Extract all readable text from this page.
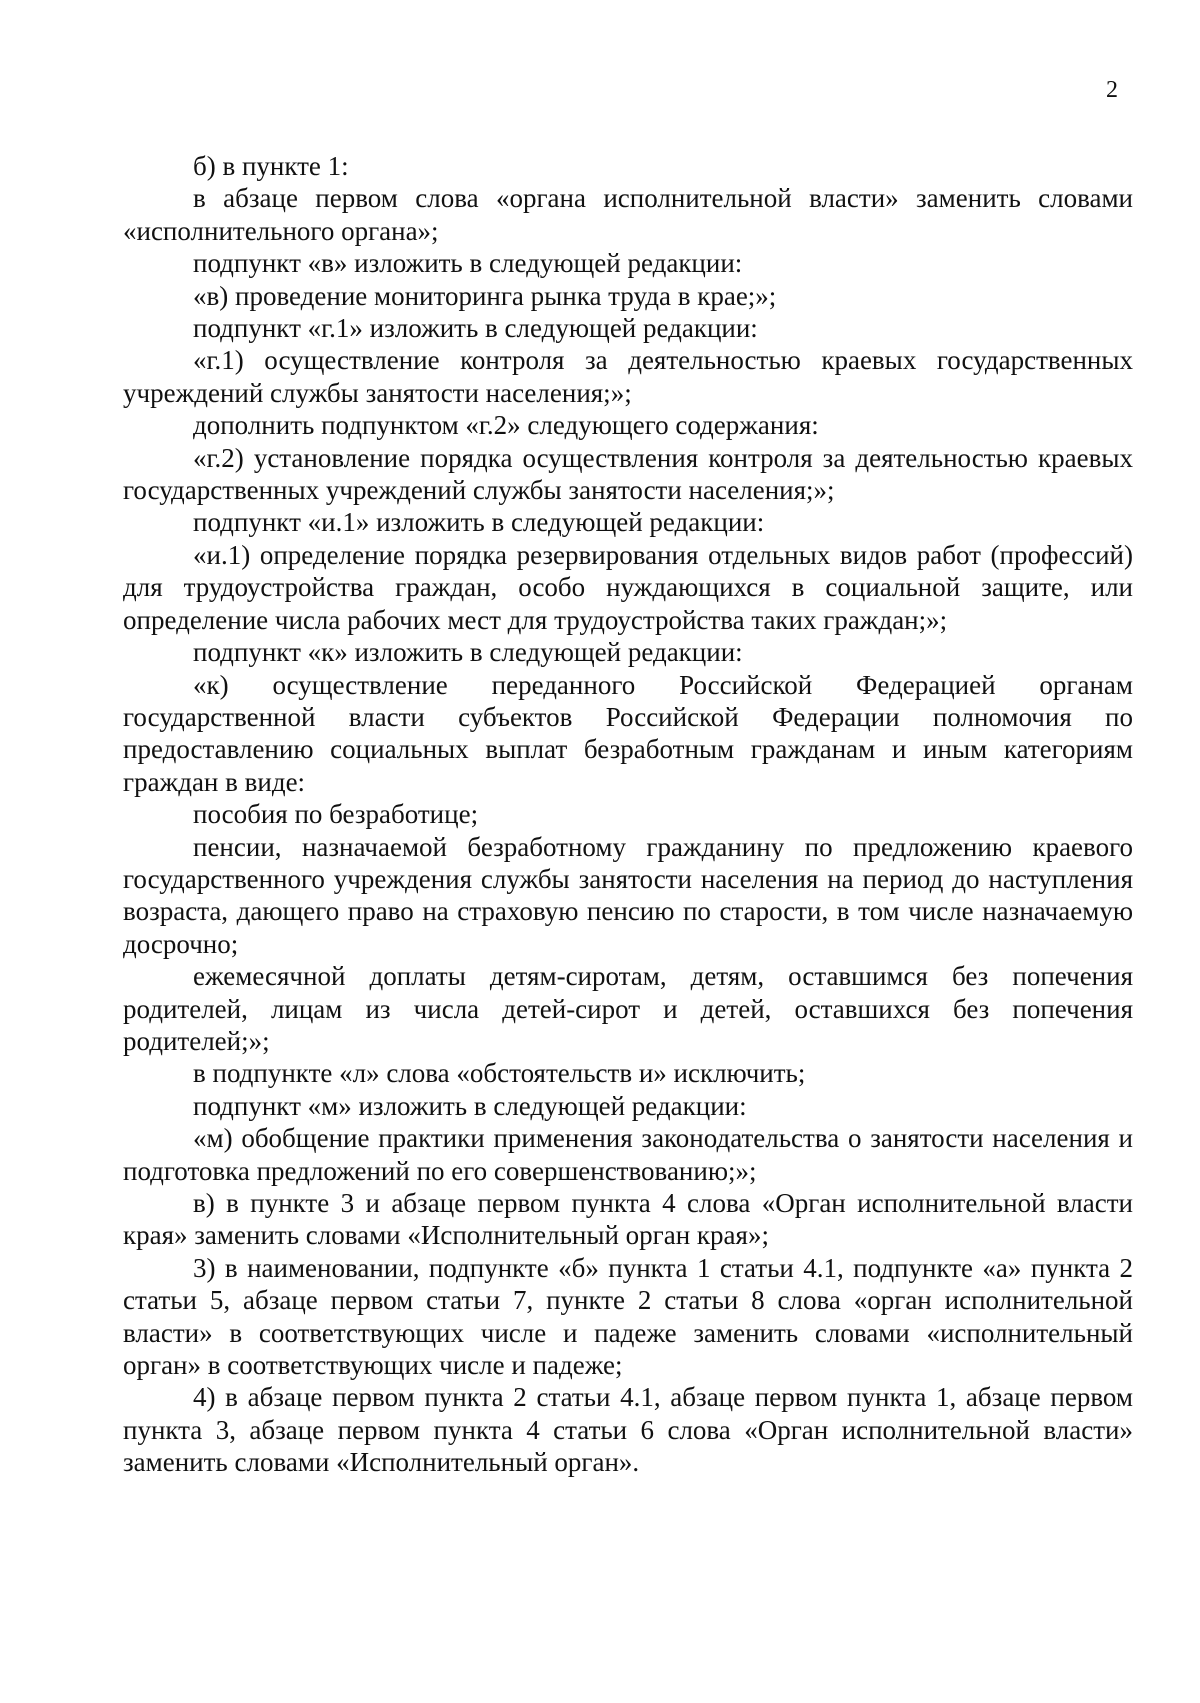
2

б) в пункте 1:

в абзаце первом слова «органа исполнительной власти» заменить словами «исполнительного органа»;

подпункт «в» изложить в следующей редакции:

«в) проведение мониторинга рынка труда в крае;»;

подпункт «г.1» изложить в следующей редакции:

«г.1) осуществление контроля за деятельностью краевых государственных учреждений службы занятости населения;»;

дополнить подпунктом «г.2» следующего содержания:

«г.2) установление порядка осуществления контроля за деятельностью краевых государственных учреждений службы занятости населения;»;

подпункт «и.1» изложить в следующей редакции:

«и.1) определение порядка резервирования отдельных видов работ (профессий) для трудоустройства граждан, особо нуждающихся в социальной защите, или определение числа рабочих мест для трудоустройства таких граждан;»;

подпункт «к» изложить в следующей редакции:

«к) осуществление переданного Российской Федерацией органам государственной власти субъектов Российской Федерации полномочия по предоставлению социальных выплат безработным гражданам и иным категориям граждан в виде:

пособия по безработице;

пенсии, назначаемой безработному гражданину по предложению краевого государственного учреждения службы занятости населения на период до наступления возраста, дающего право на страховую пенсию по старости, в том числе назначаемую досрочно;

ежемесячной доплаты детям-сиротам, детям, оставшимся без попечения родителей, лицам из числа детей-сирот и детей, оставшихся без попечения родителей;»;

в подпункте «л» слова «обстоятельств и» исключить;

подпункт «м» изложить в следующей редакции:

«м) обобщение практики применения законодательства о занятости населения и подготовка предложений по его совершенствованию;»;

в) в пункте 3 и абзаце первом пункта 4 слова «Орган исполнительной власти края» заменить словами «Исполнительный орган края»;

3) в наименовании, подпункте «б» пункта 1 статьи 4.1, подпункте «а» пункта 2 статьи 5, абзаце первом статьи 7, пункте 2 статьи 8 слова «орган исполнительной власти» в соответствующих числе и падеже заменить словами «исполнительный орган» в соответствующих числе и падеже;

4) в абзаце первом пункта 2 статьи 4.1, абзаце первом пункта 1, абзаце первом пункта 3, абзаце первом пункта 4 статьи 6 слова «Орган исполнительной власти» заменить словами «Исполнительный орган».
